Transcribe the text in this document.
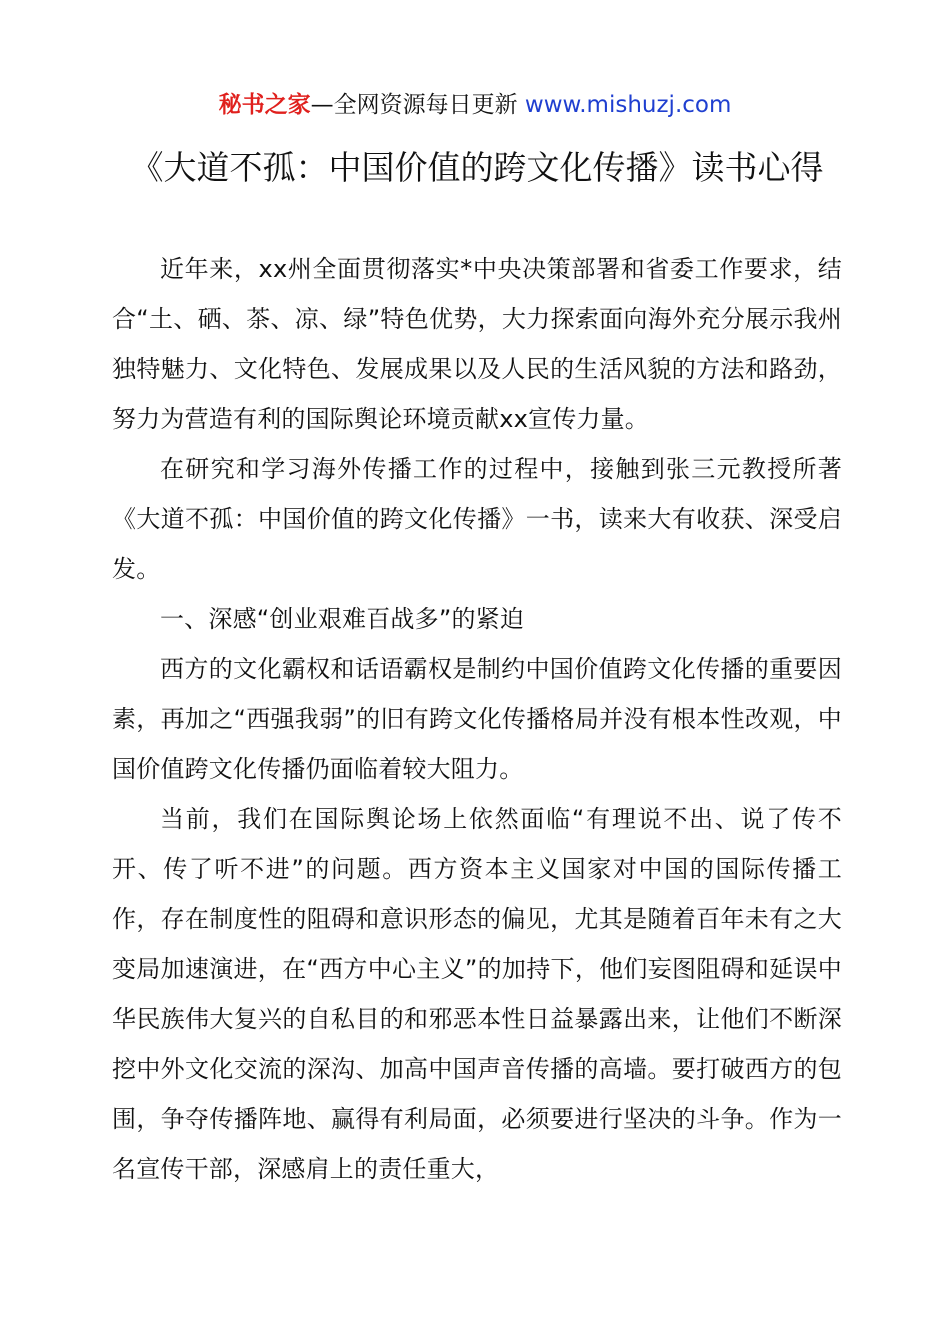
秘书之家—全网资源每日更新 www.mishuzj.com
《大道不孤：中国价值的跨文化传播》读书心得

近年来，xx州全面贯彻落实*中央决策部署和省委工作要求，结合“土、硒、茶、凉、绿”特色优势，大力探索面向海外充分展示我州独特魅力、文化特色、发展成果以及人民的生活风貌的方法和路劲，努力为营造有利的国际舆论环境贡献xx宣传力量。

在研究和学习海外传播工作的过程中，接触到张三元教授所著《大道不孤：中国价值的跨文化传播》一书，读来大有收获、深受启发。

一、深感“创业艰难百战多”的紧迫

西方的文化霸权和话语霸权是制约中国价值跨文化传播的重要因素，再加之“西强我弱”的旧有跨文化传播格局并没有根本性改观，中国价值跨文化传播仍面临着较大阻力。

当前，我们在国际舆论场上依然面临“有理说不出、说了传不开、传了听不进”的问题。西方资本主义国家对中国的国际传播工作，存在制度性的阻碍和意识形态的偏见，尤其是随着百年未有之大变局加速演进，在“西方中心主义”的加持下，他们妄图阻碍和延误中华民族伟大复兴的自私目的和邪恶本性日益暴露出来，让他们不断深挖中外文化交流的深沟、加高中国声音传播的高墙。要打破西方的包围，争夺传播阵地、赢得有利局面，必须要进行坚决的斗争。作为一名宣传干部，深感肩上的责任重大，
